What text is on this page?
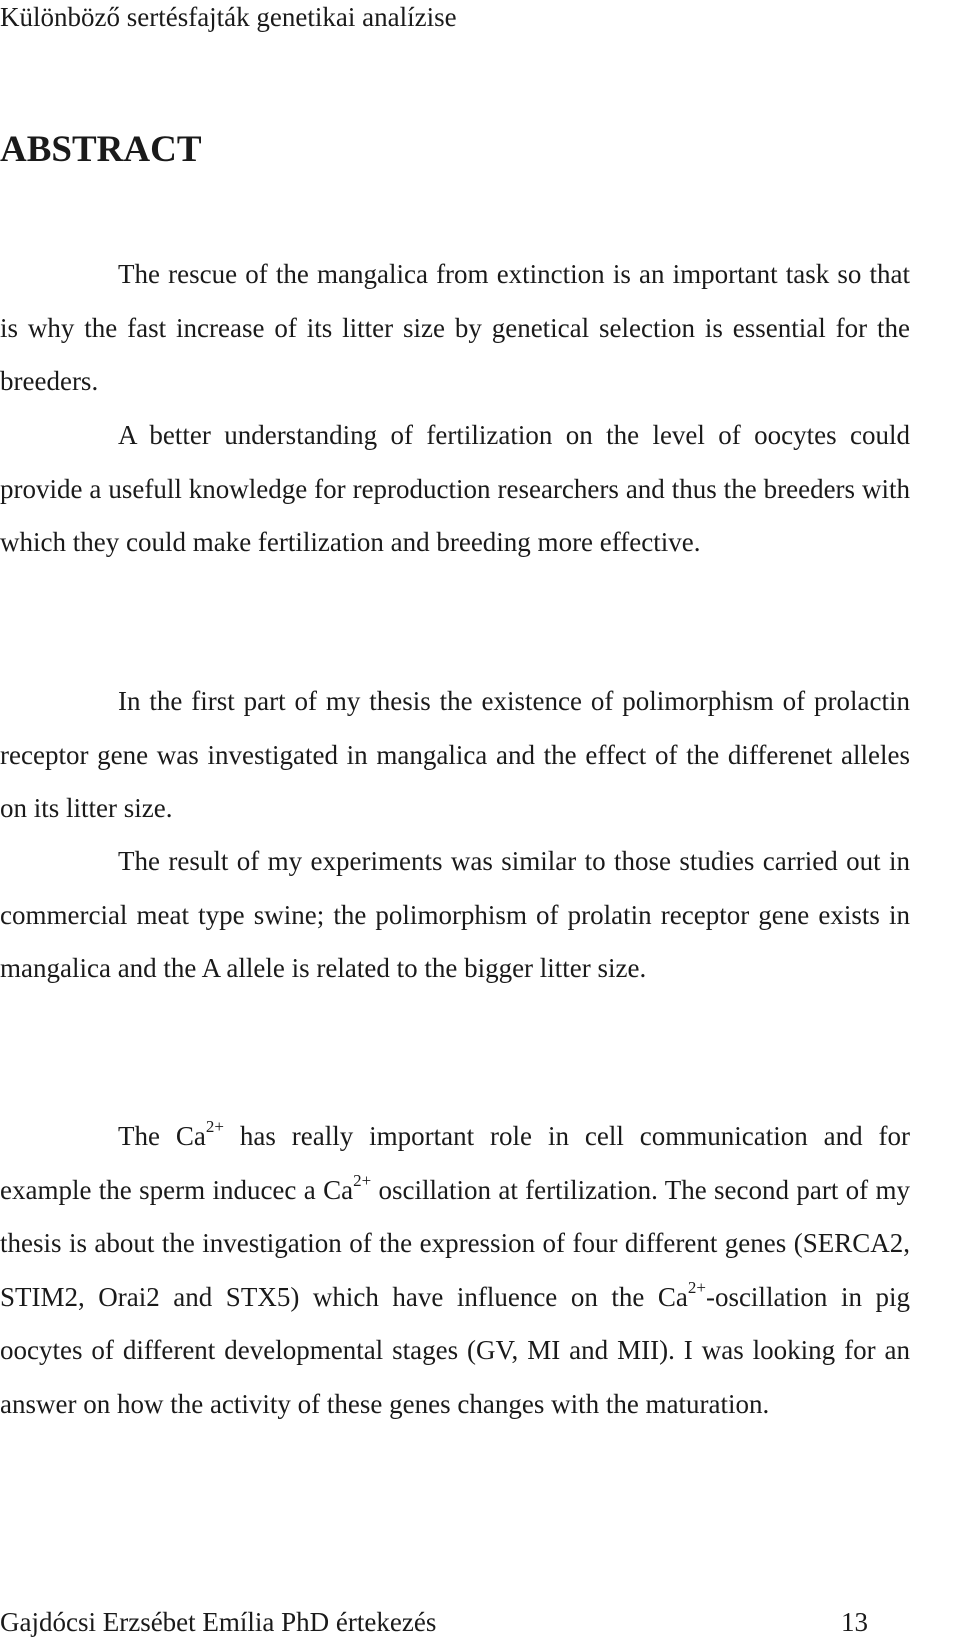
Különböző sertésfajták genetikai analízise
ABSTRACT

The rescue of the mangalica from extinction is an important task so that is why the fast increase of its litter size by genetical selection is essential for the breeders.

A better understanding of fertilization on the level of oocytes could provide a usefull knowledge for reproduction researchers and thus the breeders with which they could make fertilization and breeding more effective.

In the first part of my thesis the existence of polimorphism of prolactin receptor gene was investigated in mangalica and the effect of the differenet alleles on its litter size.

The result of my experiments was similar to those studies carried out in commercial meat type swine; the polimorphism of prolatin receptor gene exists in mangalica and the A allele is related to the bigger litter size.

The $Ca^{2+}$ has really important role in cell communication and for example the sperm inducec a $Ca^{2+}$ oscillation at fertilization. The second part of my thesis is about the investigation of the expression of four different genes (SERCA2, STIM2, Orai2 and STX5) which have influence on the $Ca^{2+}$-oscillation in pig oocytes of different developmental stages (GV, MI and MII). I was looking for an answer on how the activity of these genes changes with the maturation.

Gajdócsi Erzsébet Emília PhD értekezés	13
